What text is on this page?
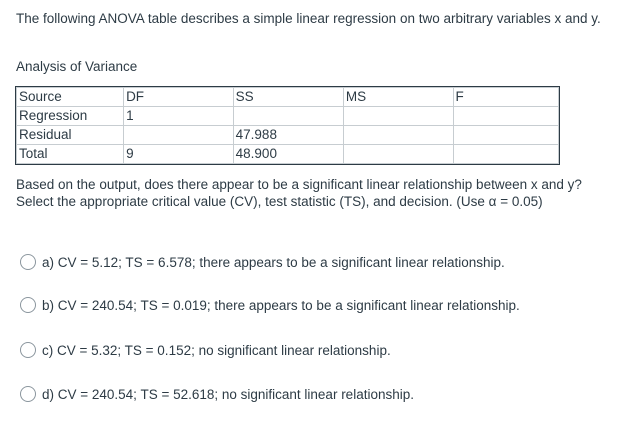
The following ANOVA table describes a simple linear regression on two arbitrary variables x and y.
Analysis of Variance
Source	DF	SS	MS	F
Regression	1			
Residual		47.988		
Total	9	48.900		
Based on the output, does there appear to be a significant linear relationship between x and y? Select the appropriate critical value (CV), test statistic (TS), and decision. (Use α = 0.05)
a) CV = 5.12; TS = 6.578; there appears to be a significant linear relationship.
b) CV = 240.54; TS = 0.019; there appears to be a significant linear relationship.
c) CV = 5.32; TS = 0.152; no significant linear relationship.
d) CV = 240.54; TS = 52.618; no significant linear relationship.
